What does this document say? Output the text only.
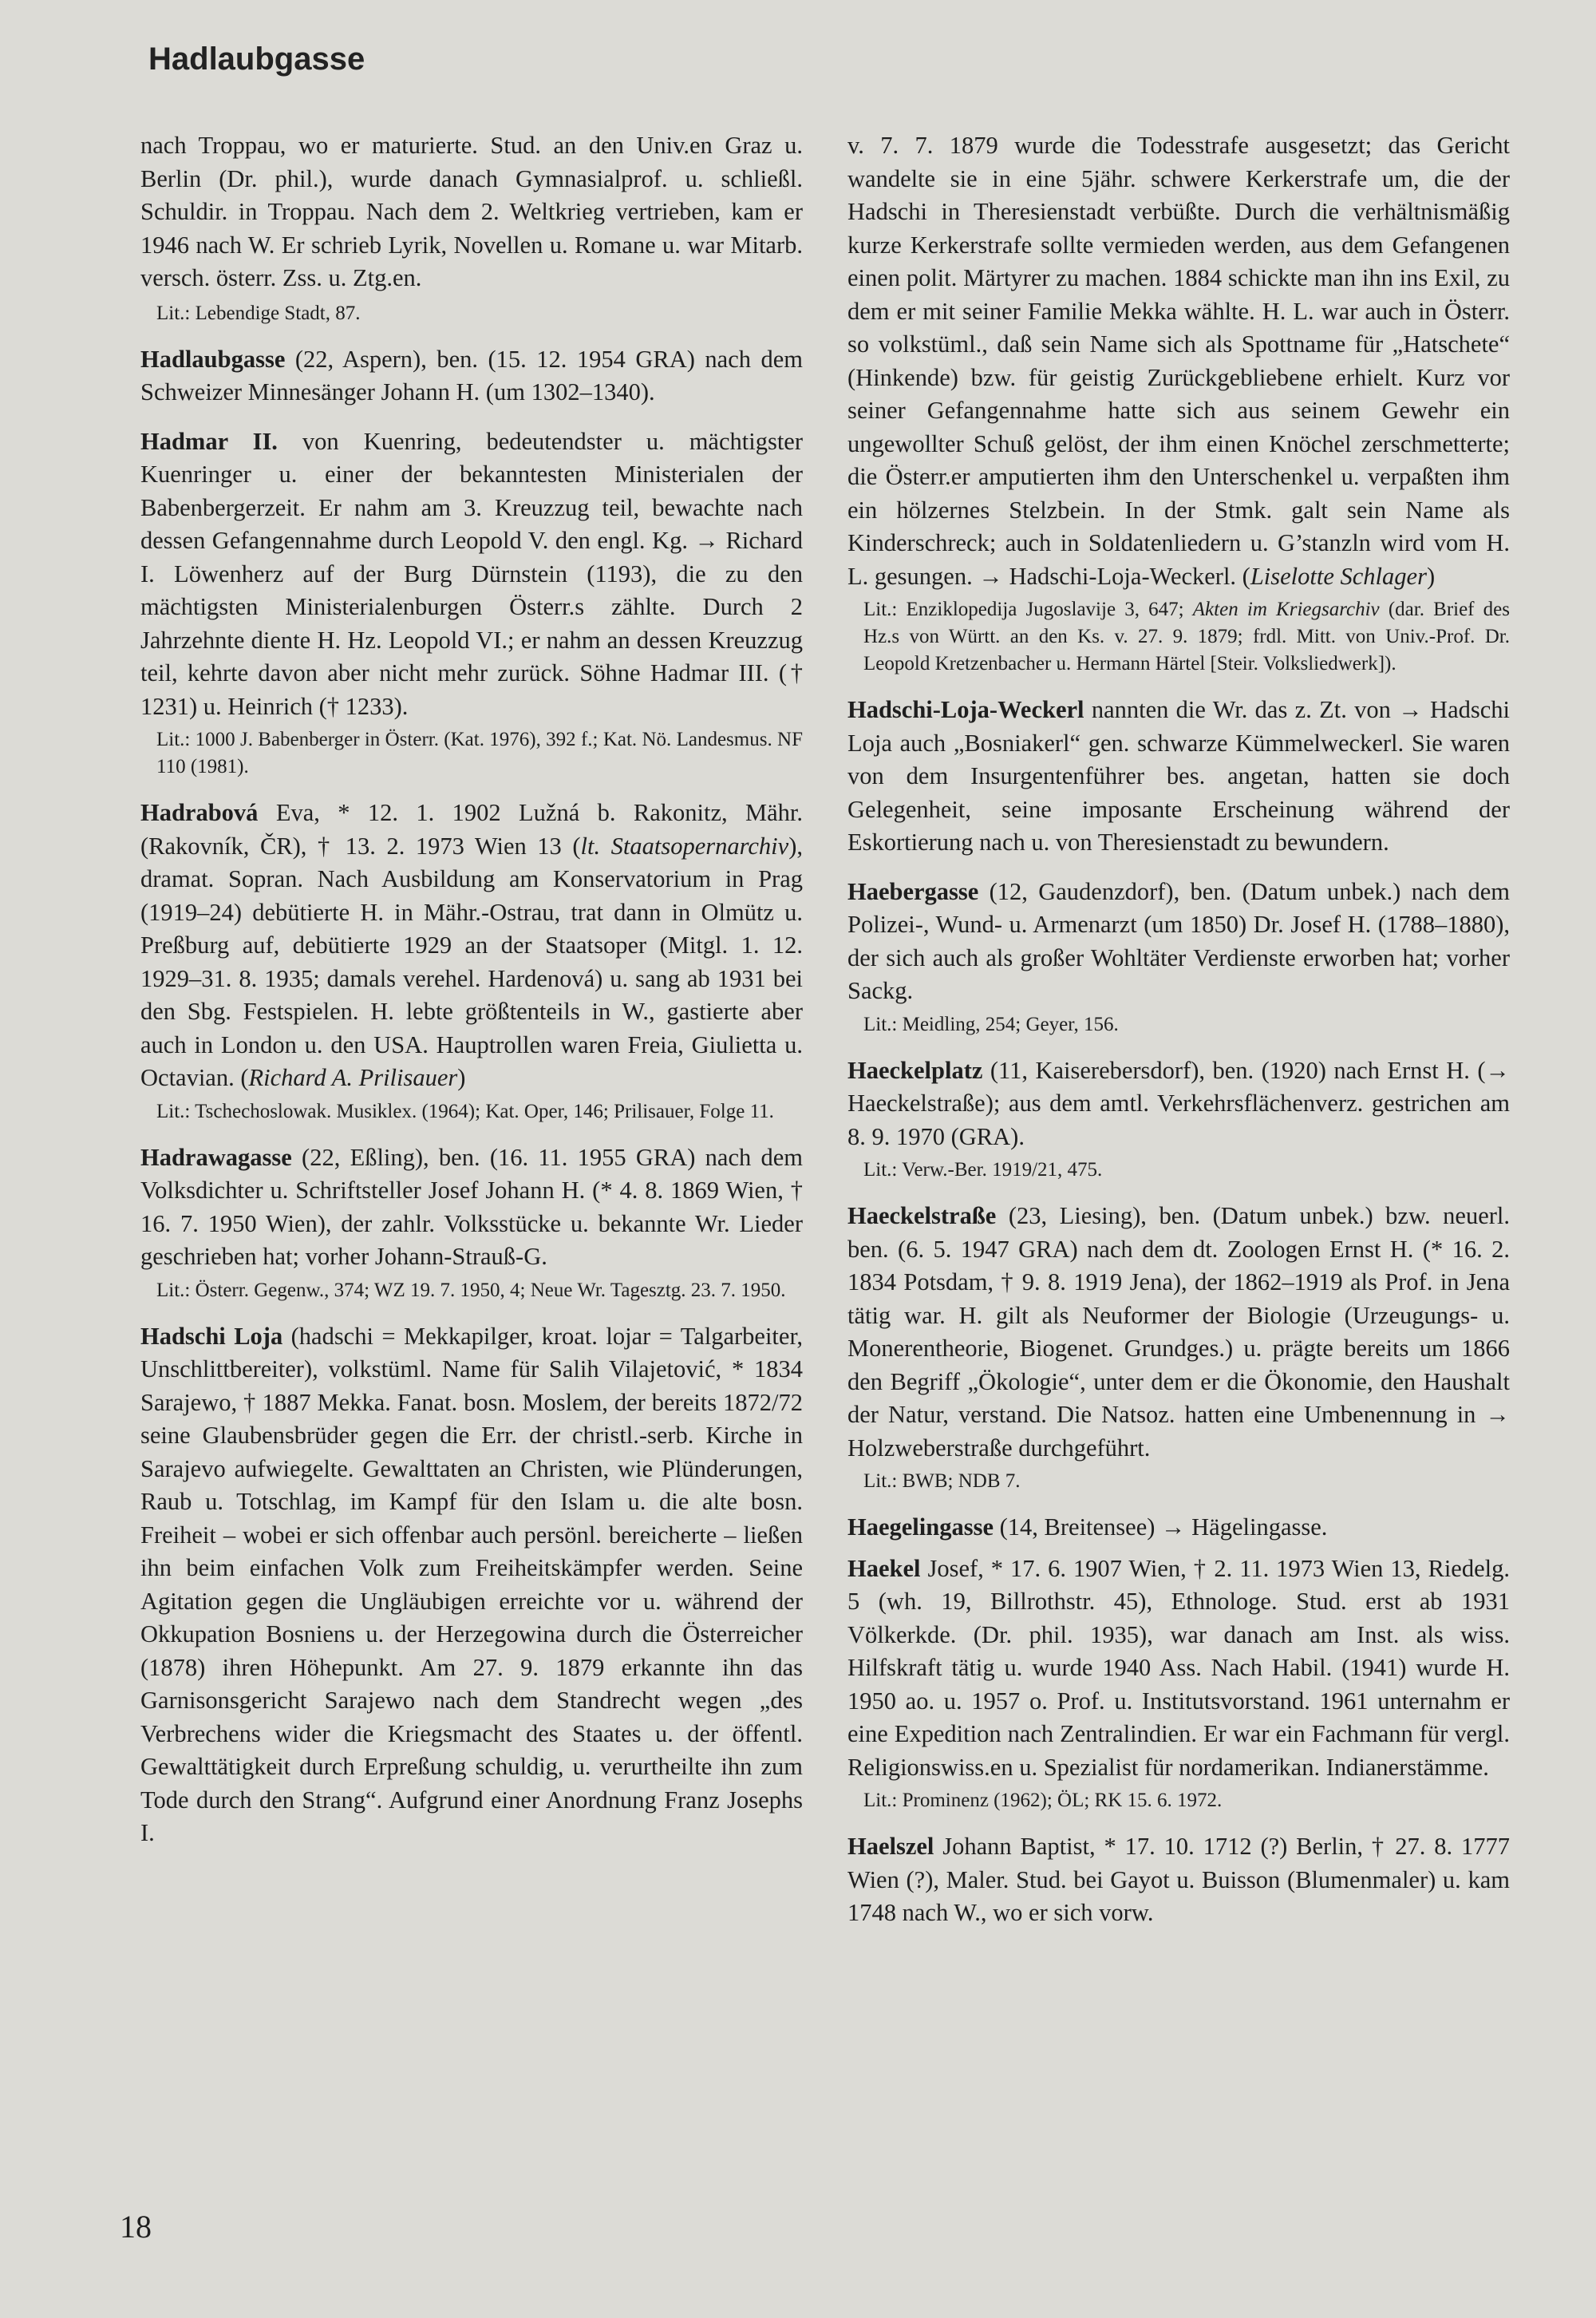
Hadlaubgasse

nach Troppau, wo er maturierte. Stud. an den Univ.en Graz u. Berlin (Dr. phil.), wurde danach Gymnasialprof. u. schließl. Schuldir. in Troppau. Nach dem 2. Weltkrieg vertrieben, kam er 1946 nach W. Er schrieb Lyrik, Novellen u. Romane u. war Mitarb. versch. österr. Zss. u. Ztg.en.

Lit.: Lebendige Stadt, 87.

Hadlaubgasse (22, Aspern), ben. (15. 12. 1954 GRA) nach dem Schweizer Minnesänger Johann H. (um 1302–1340).

Hadmar II. von Kuenring, bedeutendster u. mächtigster Kuenringer u. einer der bekanntesten Ministerialen der Babenbergerzeit. Er nahm am 3. Kreuzzug teil, bewachte nach dessen Gefangennahme durch Leopold V. den engl. Kg. → Richard I. Löwenherz auf der Burg Dürnstein (1193), die zu den mächtigsten Ministerialenburgen Österr.s zählte. Durch 2 Jahrzehnte diente H. Hz. Leopold VI.; er nahm an dessen Kreuzzug teil, kehrte davon aber nicht mehr zurück. Söhne Hadmar III. († 1231) u. Heinrich († 1233).

Lit.: 1000 J. Babenberger in Österr. (Kat. 1976), 392 f.; Kat. Nö. Landesmus. NF 110 (1981).

Hadrabová Eva, * 12. 1. 1902 Lužná b. Rakonitz, Mähr. (Rakovník, ČR), † 13. 2. 1973 Wien 13 (lt. Staatsopernarchiv), dramat. Sopran. Nach Ausbildung am Konservatorium in Prag (1919–24) debütierte H. in Mähr.-Ostrau, trat dann in Olmütz u. Preßburg auf, debütierte 1929 an der Staatsoper (Mitgl. 1. 12. 1929–31. 8. 1935; damals verehel. Hardenová) u. sang ab 1931 bei den Sbg. Festspielen. H. lebte größtenteils in W., gastierte aber auch in London u. den USA. Hauptrollen waren Freia, Giulietta u. Octavian. (Richard A. Prilisauer)

Lit.: Tschechoslowak. Musiklex. (1964); Kat. Oper, 146; Prilisauer, Folge 11.

Hadrawagasse (22, Eßling), ben. (16. 11. 1955 GRA) nach dem Volksdichter u. Schriftsteller Josef Johann H. (* 4. 8. 1869 Wien, † 16. 7. 1950 Wien), der zahlr. Volksstücke u. bekannte Wr. Lieder geschrieben hat; vorher Johann-Strauß-G.

Lit.: Österr. Gegenw., 374; WZ 19. 7. 1950, 4; Neue Wr. Tagesztg. 23. 7. 1950.

Hadschi Loja (hadschi = Mekkapilger, kroat. lojar = Talgarbeiter, Unschlittbereiter), volkstüml. Name für Salih Vilajetović, * 1834 Sarajewo, † 1887 Mekka. Fanat. bosn. Moslem, der bereits 1872/72 seine Glaubensbrüder gegen die Err. der christl.-serb. Kirche in Sarajevo aufwiegelte. Gewalttaten an Christen, wie Plünderungen, Raub u. Totschlag, im Kampf für den Islam u. die alte bosn. Freiheit – wobei er sich offenbar auch persönl. bereicherte – ließen ihn beim einfachen Volk zum Freiheitskämpfer werden. Seine Agitation gegen die Ungläubigen erreichte vor u. während der Okkupation Bosniens u. der Herzegowina durch die Österreicher (1878) ihren Höhepunkt. Am 27. 9. 1879 erkannte ihn das Garnisonsgericht Sarajewo nach dem Standrecht wegen „des Verbrechens wider die Kriegsmacht des Staates u. der öffentl. Gewalttätigkeit durch Erpreßung schuldig, u. verurtheilte ihn zum Tode durch den Strang“. Aufgrund einer Anordnung Franz Josephs I.

v. 7. 7. 1879 wurde die Todesstrafe ausgesetzt; das Gericht wandelte sie in eine 5jähr. schwere Kerkerstrafe um, die der Hadschi in Theresienstadt verbüßte. Durch die verhältnismäßig kurze Kerkerstrafe sollte vermieden werden, aus dem Gefangenen einen polit. Märtyrer zu machen. 1884 schickte man ihn ins Exil, zu dem er mit seiner Familie Mekka wählte. H. L. war auch in Österr. so volkstüml., daß sein Name sich als Spottname für „Hatschete“ (Hinkende) bzw. für geistig Zurückgebliebene erhielt. Kurz vor seiner Gefangennahme hatte sich aus seinem Gewehr ein ungewollter Schuß gelöst, der ihm einen Knöchel zerschmetterte; die Österr.er amputierten ihm den Unterschenkel u. verpaßten ihm ein hölzernes Stelzbein. In der Stmk. galt sein Name als Kinderschreck; auch in Soldatenliedern u. G’stanzln wird vom H. L. gesungen. → Hadschi-Loja-Weckerl. (Liselotte Schlager)

Lit.: Enziklopedija Jugoslavije 3, 647; Akten im Kriegsarchiv (dar. Brief des Hz.s von Württ. an den Ks. v. 27. 9. 1879; frdl. Mitt. von Univ.-Prof. Dr. Leopold Kretzenbacher u. Hermann Härtel [Steir. Volksliedwerk]).

Hadschi-Loja-Weckerl nannten die Wr. das z. Zt. von → Hadschi Loja auch „Bosniakerl“ gen. schwarze Kümmelweckerl. Sie waren von dem Insurgentenführer bes. angetan, hatten sie doch Gelegenheit, seine imposante Erscheinung während der Eskortierung nach u. von Theresienstadt zu bewundern.

Haebergasse (12, Gaudenzdorf), ben. (Datum unbek.) nach dem Polizei-, Wund- u. Armenarzt (um 1850) Dr. Josef H. (1788–1880), der sich auch als großer Wohltäter Verdienste erworben hat; vorher Sackg.

Lit.: Meidling, 254; Geyer, 156.

Haeckelplatz (11, Kaiserebersdorf), ben. (1920) nach Ernst H. (→ Haeckelstraße); aus dem amtl. Verkehrsflächenverz. gestrichen am 8. 9. 1970 (GRA).

Lit.: Verw.-Ber. 1919/21, 475.

Haeckelstraße (23, Liesing), ben. (Datum unbek.) bzw. neuerl. ben. (6. 5. 1947 GRA) nach dem dt. Zoologen Ernst H. (* 16. 2. 1834 Potsdam, † 9. 8. 1919 Jena), der 1862–1919 als Prof. in Jena tätig war. H. gilt als Neuformer der Biologie (Urzeugungs- u. Monerentheorie, Biogenet. Grundges.) u. prägte bereits um 1866 den Begriff „Ökologie“, unter dem er die Ökonomie, den Haushalt der Natur, verstand. Die Natsoz. hatten eine Umbenennung in → Holzweberstraße durchgeführt.

Lit.: BWB; NDB 7.

Haegelingasse (14, Breitensee) → Hägelingasse.

Haekel Josef, * 17. 6. 1907 Wien, † 2. 11. 1973 Wien 13, Riedelg. 5 (wh. 19, Billrothstr. 45), Ethnologe. Stud. erst ab 1931 Völkerkde. (Dr. phil. 1935), war danach am Inst. als wiss. Hilfskraft tätig u. wurde 1940 Ass. Nach Habil. (1941) wurde H. 1950 ao. u. 1957 o. Prof. u. Institutsvorstand. 1961 unternahm er eine Expedition nach Zentralindien. Er war ein Fachmann für vergl. Religionswiss.en u. Spezialist für nordamerikan. Indianerstämme.

Lit.: Prominenz (1962); ÖL; RK 15. 6. 1972.

Haelszel Johann Baptist, * 17. 10. 1712 (?) Berlin, † 27. 8. 1777 Wien (?), Maler. Stud. bei Gayot u. Buisson (Blumenmaler) u. kam 1748 nach W., wo er sich vorw.

18
